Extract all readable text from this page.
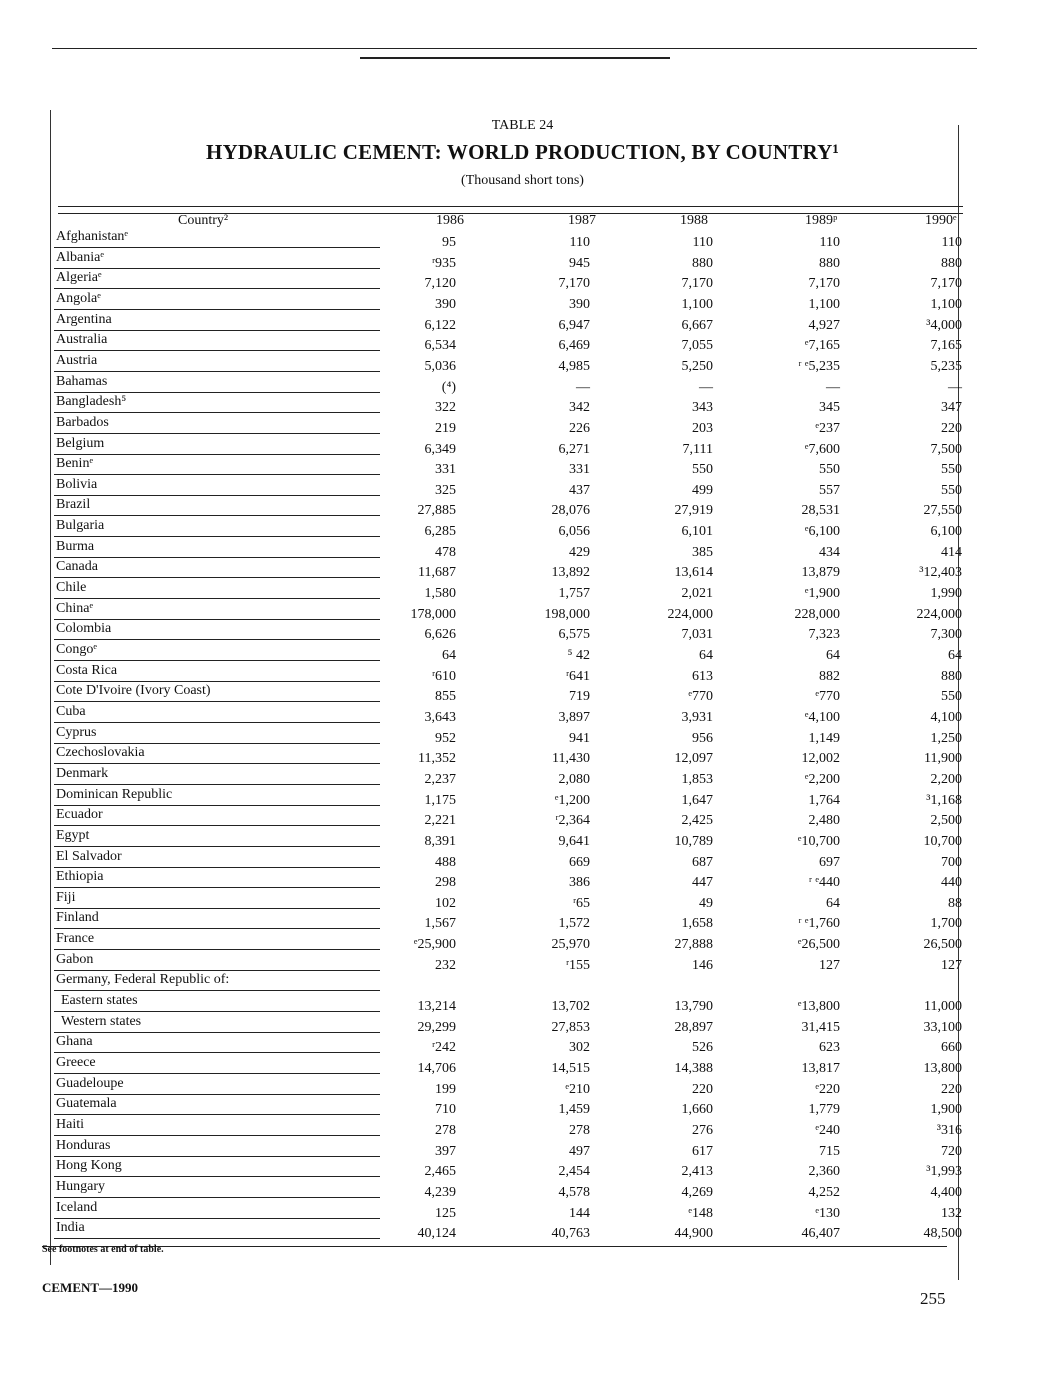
TABLE 24
HYDRAULIC CEMENT: WORLD PRODUCTION, BY COUNTRY¹
(Thousand short tons)
Country²	1986	1987	1988	1989ᵖ	1990ᵉ
Afghanistanᵉ	95	110	110	110	110
Albaniaᵉ	ʳ935	945	880	880	880
Algeriaᵉ	7,120	7,170	7,170	7,170	7,170
Angolaᵉ	390	390	1,100	1,100	1,100
Argentina	6,122	6,947	6,667	4,927	³4,000
Australia	6,534	6,469	7,055	ᵉ7,165	7,165
Austria	5,036	4,985	5,250	ʳ ᵉ5,235	5,235
Bahamas	(⁴)	—	—	—	—
Bangladesh⁵	322	342	343	345	347
Barbados	219	226	203	ᵉ237	220
Belgium	6,349	6,271	7,111	ᵉ7,600	7,500
Beninᵉ	331	331	550	550	550
Bolivia	325	437	499	557	550
Brazil	27,885	28,076	27,919	28,531	27,550
Bulgaria	6,285	6,056	6,101	ᵉ6,100	6,100
Burma	478	429	385	434	414
Canada	11,687	13,892	13,614	13,879	³12,403
Chile	1,580	1,757	2,021	ᵉ1,900	1,990
Chinaᵉ	178,000	198,000	224,000	228,000	224,000
Colombia	6,626	6,575	7,031	7,323	7,300
Congoᵉ	64	⁵ 42	64	64	64
Costa Rica	ʳ610	ʳ641	613	882	880
Cote D'Ivoire (Ivory Coast)	855	719	ᵉ770	ᵉ770	550
Cuba	3,643	3,897	3,931	ᵉ4,100	4,100
Cyprus	952	941	956	1,149	1,250
Czechoslovakia	11,352	11,430	12,097	12,002	11,900
Denmark	2,237	2,080	1,853	ᵉ2,200	2,200
Dominican Republic	1,175	ᵉ1,200	1,647	1,764	³1,168
Ecuador	2,221	ʳ2,364	2,425	2,480	2,500
Egypt	8,391	9,641	10,789	ᵉ10,700	10,700
El Salvador	488	669	687	697	700
Ethiopia	298	386	447	ʳ ᵉ440	440
Fiji	102	ʳ65	49	64	88
Finland	1,567	1,572	1,658	ʳ ᵉ1,760	1,700
France	ᵉ25,900	25,970	27,888	ᵉ26,500	26,500
Gabon	232	ʳ155	146	127	127
Germany, Federal Republic of:
Eastern states	13,214	13,702	13,790	ᵉ13,800	11,000
Western states	29,299	27,853	28,897	31,415	33,100
Ghana	ʳ242	302	526	623	660
Greece	14,706	14,515	14,388	13,817	13,800
Guadeloupe	199	ᵉ210	220	ᵉ220	220
Guatemala	710	1,459	1,660	1,779	1,900
Haiti	278	278	276	ᵉ240	³316
Honduras	397	497	617	715	720
Hong Kong	2,465	2,454	2,413	2,360	³1,993
Hungary	4,239	4,578	4,269	4,252	4,400
Iceland	125	144	ᵉ148	ᵉ130	132
India	40,124	40,763	44,900	46,407	48,500
See footnotes at end of table.
CEMENT—1990
255
